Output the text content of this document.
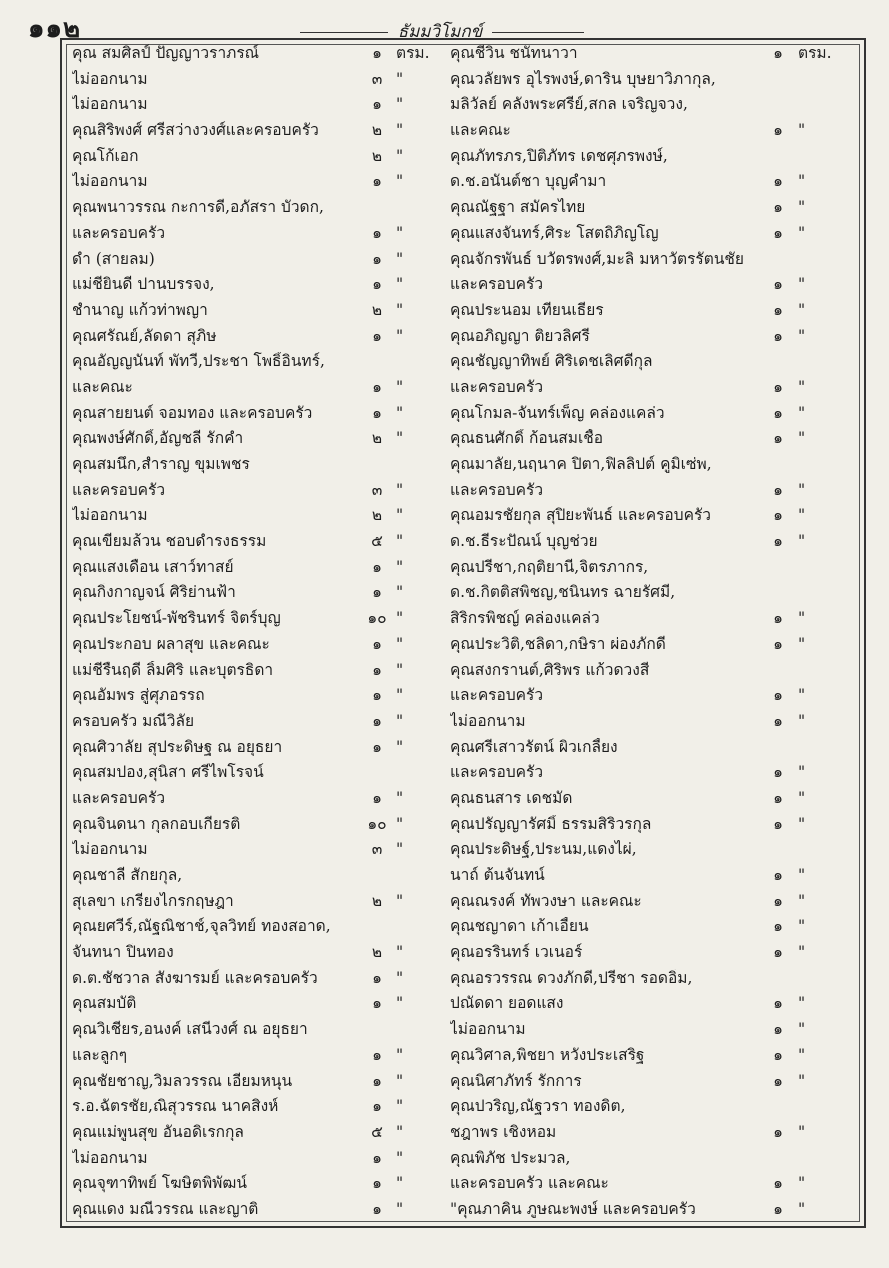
๑๑๒	ธัมมวิโมกข์
คุณ สมศิลป์ ปัญญาวราภรณ์	๑ ตรม.
ไม่ออกนาม	๓ "
ไม่ออกนาม	๑ "
คุณสิริพงศ์ ศรีสว่างวงศ์และครอบครัว	๒ "
คุณโก้เอก	๒ "
ไม่ออกนาม	๑ "
คุณพนาวรรณ กะการดี,อภัสรา บัวดก,
และครอบครัว	๑ "
ดำ (สายลม)	๑ "
แม่ชียินดี ปานบรรจง,	๑ "
ชำนาญ แก้วท่าพญา	๒ "
คุณศรัณย์,ลัดดา สุภิษ	๑ "
คุณอัญญนันท์ พัทวี,ประชา โพธิ์อินทร์,
และคณะ	๑ "
คุณสายยนต์ จอมทอง และครอบครัว	๑ "
คุณพงษ์ศักดิ์,อัญชลี รักคำ	๒ "
คุณสมนึก,สำราญ ขุมเพชร
และครอบครัว	๓ "
ไม่ออกนาม	๒ "
คุณเขียมล้วน ชอบดำรงธรรม	๕ "
คุณแสงเดือน เสาว์ทาสย์	๑ "
คุณกิ่งกาญจน์ ศิริย่านฟ้า	๑ "
คุณประโยชน์-พัชรินทร์ จิตร์บุญ	๑๐ "
คุณประกอบ ผลาสุข และคณะ	๑ "
แม่ชีรื่นฤดี ลิ้มศิริ และบุตรธิดา	๑ "
คุณอัมพร สู่ศุภอรรถ	๑ "
ครอบครัว มณีวิลัย	๑ "
คุณศิวาลัย สุประดิษฐ ณ อยุธยา	๑ "
คุณสมปอง,สุนิสา ศรีไพโรจน์
และครอบครัว	๑ "
คุณจินดนา กุลกอบเกียรติ	๑๐ "
ไม่ออกนาม	๓ "
คุณชาลี สักยกุล,
สุเลขา เกรียงไกรกฤษฎา	๒ "
คุณยศวีร์,ณัฐณิชาช์,จุลวิทย์ ทองสอาด,
จันทนา ปิ่นทอง	๒ "
ด.ต.ชัชวาล สังฆารมย์ และครอบครัว	๑ "
คุณสมบัติ	๑ "
คุณวิเชียร,อนงค์ เสนีวงศ์ ณ อยุธยา
และลูกๆ	๑ "
คุณชัยชาญ,วิมลวรรณ เอี่ยมหนุน	๑ "
ร.อ.ฉัตรชัย,ณิสุวรรณ นาคสิงห์	๑ "
คุณแม่พูนสุข อันอดิเรกกุล	๕ "
ไม่ออกนาม	๑ "
คุณจุฑาทิพย์ โฆษิตพิพัฒน์	๑ "
คุณแดง มณีวรรณ และญาติ	๑ "
คุณชีวิน ชนัทนาวา	๑ ตรม.
คุณวลัยพร อุไรพงษ์,ดาริน บุษยาวิภากุล,
มลิวัลย์ คลังพระศรีย์,สกล เจริญจวง,
และคณะ	๑ "
คุณภัทรภร,ปิติภัทร เดชศุภรพงษ์,
ด.ช.อนันต์ชา บุญคำมา	๑ "
คุณณัฐฐา สมัครไทย	๑ "
คุณแสงจันทร์,ศิระ โสตถิภิญโญ	๑ "
คุณจักรพันธ์ บวัตรพงศ์,มะลิ มหาวัตรรัตนชัย
และครอบครัว	๑ "
คุณประนอม เทียนเธียร	๑ "
คุณอภิญญา ติยวลิศรี	๑ "
คุณชัญญาทิพย์ ศิริเดชเลิศดีกุล
และครอบครัว	๑ "
คุณโกมล-จันทร์เพ็ญ คล่องแคล่ว	๑ "
คุณธนศักดิ์ ก้อนสมเชื้อ	๑ "
คุณมาลัย,นฤนาค ปิตา,ฟิลลิปต์ คูมิเซ่พ,
และครอบครัว	๑ "
คุณอมรชัยกุล สุปิยะพันธ์ และครอบครัว	๑ "
ด.ช.ธีระปัณน์ บุญช่วย	๑ "
คุณปรีชา,กฤติยานี,จิตรภากร,
ด.ช.กิตติสพิชญ,ชนินทร ฉายรัศมี,
สิริกรพิชญ์ คล่องแคล่ว	๑ "
คุณประวิติ,ชลิดา,กษิรา ผ่องภักดี	๑ "
คุณสงกรานต์,ศิริพร แก้วดวงสี
และครอบครัว	๑ "
ไม่ออกนาม	๑ "
คุณศรีเสาวรัตน์ ผิวเกลี้ยง
และครอบครัว	๑ "
คุณธนสาร เดชมัด	๑ "
คุณปรัญญารัศมิ์ ธรรมสิริวรกุล	๑ "
คุณประดิษฐ์,ประนม,แดงไผ่,
นาถ์ ต้นจันทน์	๑ "
คุณณรงค์ ทัพวงษา และคณะ	๑ "
คุณชญาดา เก้าเอี้ยน	๑ "
คุณอรรินทร์ เวเนอร์	๑ "
คุณอรวรรณ ดวงภักดี,ปรีชา รอดอิ่ม,
ปณัดดา ยอดแสง	๑ "
ไม่ออกนาม	๑ "
คุณวิศาล,พิชยา หวังประเสริฐ	๑ "
คุณนิศาภัทร์ รักการ	๑ "
คุณปวริญ,ณัฐวรา ทองดิต,
ชฎาพร เชิงหอม	๑ "
คุณพิภัช ประมวล,
และครอบครัว และคณะ	๑ "
"คุณภาคิน ภูษณะพงษ์ และครอบครัว	๑ "
